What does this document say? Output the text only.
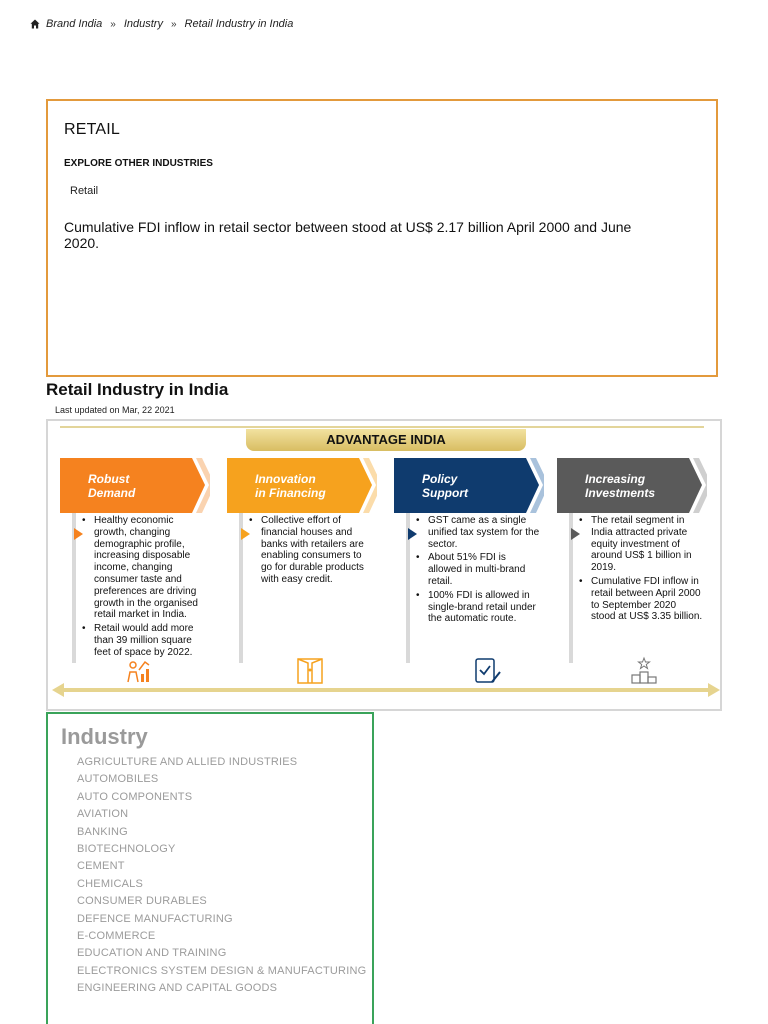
Brand India » Industry » Retail Industry in India
RETAIL
EXPLORE OTHER INDUSTRIES
Retail
Cumulative FDI inflow in retail sector between stood at US$ 2.17 billion April 2000 and June 2020.
Retail Industry in India
Last updated on Mar, 22 2021
ADVANTAGE INDIA
Robust
Demand
• Healthy economic growth, changing demographic profile, increasing disposable income, changing consumer taste and preferences are driving growth in the organised retail market in India.
• Retail would add more than 39 million square feet of space by 2022.
Innovation
in Financing
• Collective effort of financial houses and banks with retailers are enabling consumers to go for durable products with easy credit.
Policy
Support
• GST came as a single unified tax system for the sector.
• About 51% FDI is allowed in multi-brand retail.
• 100% FDI is allowed in single-brand retail under the automatic route.
Increasing
Investments
• The retail segment in India attracted private equity investment of around US$ 1 billion in 2019.
• Cumulative FDI inflow in retail between April 2000 to September 2020 stood at US$ 3.35 billion.
Industry
AGRICULTURE AND ALLIED INDUSTRIES
AUTOMOBILES
AUTO COMPONENTS
AVIATION
BANKING
BIOTECHNOLOGY
CEMENT
CHEMICALS
CONSUMER DURABLES
DEFENCE MANUFACTURING
E-COMMERCE
EDUCATION AND TRAINING
ELECTRONICS SYSTEM DESIGN & MANUFACTURING
ENGINEERING AND CAPITAL GOODS
